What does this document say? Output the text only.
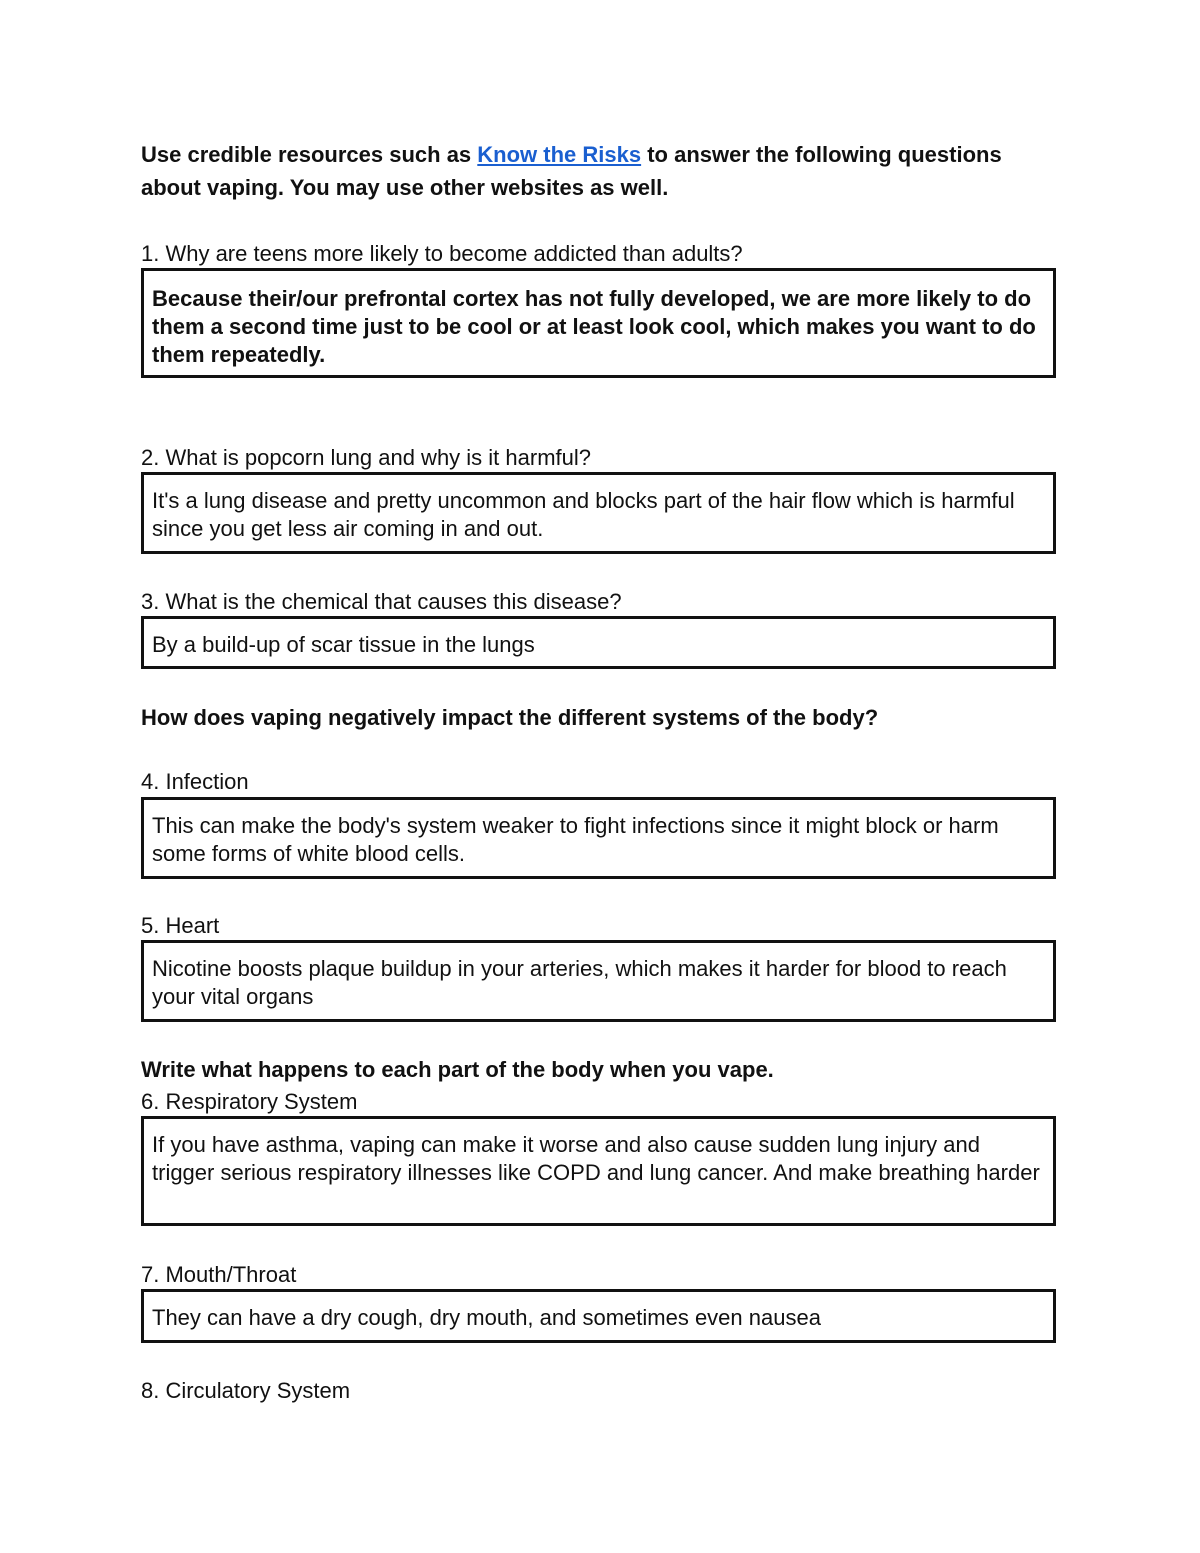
Use credible resources such as Know the Risks to answer the following questions about vaping. You may use other websites as well.

1. Why are teens more likely to become addicted than adults?

Because their/our prefrontal cortex has not fully developed, we are more likely to do them a second time just to be cool or at least look cool, which makes you want to do them repeatedly.

2. What is popcorn lung and why is it harmful?

It's a lung disease and pretty uncommon and blocks part of the hair flow which is harmful since you get less air coming in and out.

3. What is the chemical that causes this disease?

By a build-up of scar tissue in the lungs

How does vaping negatively impact the different systems of the body?

4. Infection

This can make the body's system weaker to fight infections since it might block or harm some forms of white blood cells.

5. Heart

Nicotine boosts plaque buildup in your arteries, which makes it harder for blood to reach your vital organs

Write what happens to each part of the body when you vape.

6. Respiratory System

If you have asthma, vaping can make it worse and also cause sudden lung injury and trigger serious respiratory illnesses like COPD and lung cancer. And make breathing harder

7. Mouth/Throat

They can have a dry cough, dry mouth, and sometimes even nausea

8. Circulatory System
